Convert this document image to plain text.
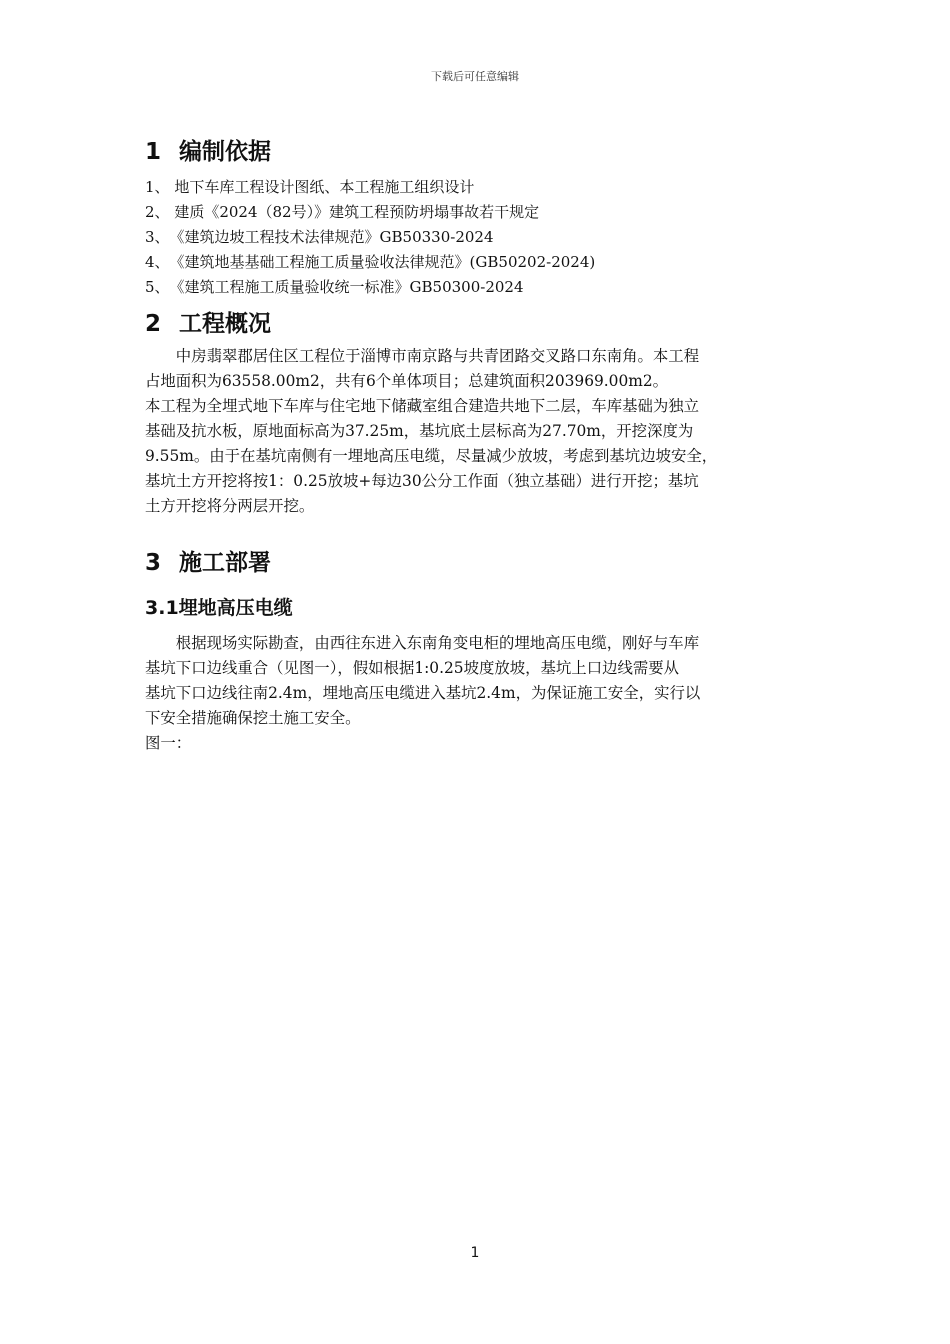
下载后可任意编辑
1 编制依据
1、 地下车库工程设计图纸、本工程施工组织设计
2、 建质《2024（82号）》建筑工程预防坍塌事故若干规定
3、 《建筑边坡工程技术法律规范》GB50330-2024
4、 《建筑地基基础工程施工质量验收法律规范》(GB50202-2024)
5、 《建筑工程施工质量验收统一标准》GB50300-2024
2 工程概况

中房翡翠郡居住区工程位于淄博市南京路与共青团路交叉路口东南角。本工程
占地面积为63558.00m2，共有6个单体项目；总建筑面积203969.00m2。

本工程为全埋式地下车库与住宅地下储藏室组合建造共地下二层，车库基础为独立
基础及抗水板，原地面标高为37.25m，基坑底土层标高为27.70m，开挖深度为
9.55m。由于在基坑南侧有一埋地高压电缆，尽量减少放坡，考虑到基坑边坡安全，
基坑土方开挖将按1：0.25放坡+每边30公分工作面（独立基础）进行开挖；基坑
土方开挖将分两层开挖。

3 施工部署
3.1埋地高压电缆

根据现场实际勘查，由西往东进入东南角变电柜的埋地高压电缆，刚好与车库
基坑下口边线重合（见图一），假如根据1:0.25坡度放坡，基坑上口边线需要从
基坑下口边线往南2.4m，埋地高压电缆进入基坑2.4m，为保证施工安全，实行以
下安全措施确保挖土施工安全。

图一：

1
